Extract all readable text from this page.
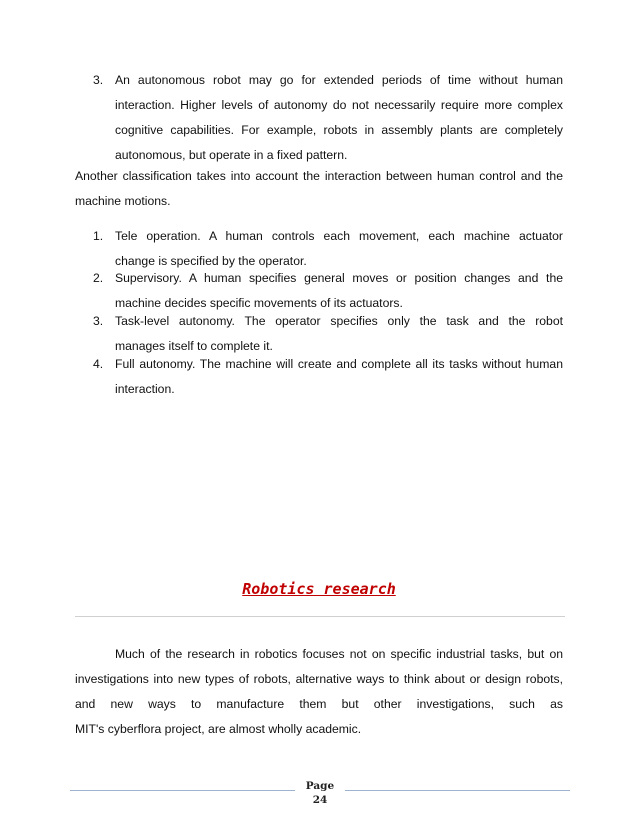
3. An autonomous robot may go for extended periods of time without human
interaction. Higher levels of autonomy do not necessarily require more complex
cognitive capabilities. For example, robots in assembly plants are completely
autonomous, but operate in a fixed pattern.
Another classification takes into account the interaction between human control and the
machine motions.
1. Tele operation. A human controls each movement, each machine actuator
change is specified by the operator.
2. Supervisory. A human specifies general moves or position changes and the
machine decides specific movements of its actuators.
3. Task-level autonomy. The operator specifies only the task and the robot
manages itself to complete it.
4. Full autonomy. The machine will create and complete all its tasks without human
interaction.
Robotics research
Much of the research in robotics focuses not on specific industrial tasks, but on
investigations into new types of robots, alternative ways to think about or design robots,
and new ways to manufacture them but other investigations, such as
MIT's cyberflora project, are almost wholly academic.
Page
24
